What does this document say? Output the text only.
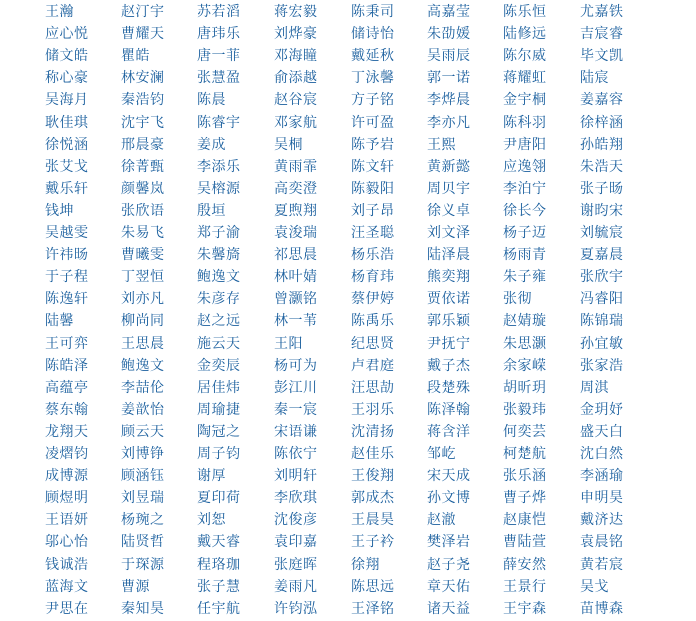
王瀚	赵汀宇 苏若滔 蒋宏毅 陈秉司 高嘉莹 陈乐恒 尤嘉铁
应心悦 曹耀天 唐玮乐 刘烨豪 储诗怡 朱劭媛 陆修远 吉宸睿
储文皓 瞿皓	唐一菲 邓海瞳 戴延秋 吴雨辰 陈尔威 毕文凯
称心豪 林安澜 张慧盈 俞添越 丁泳馨 郭一诺 蒋耀虹 陆宸
吴海月 秦浩钧 陈晨	赵谷宸 方子铭 李烨晨 金宇桐 姜嘉容
耿佳琪 沈宇飞 陈睿宇 邓家航 许可盈 李亦凡 陈科羽 徐梓涵
徐悦涵 邢晨豪 姜成	吴桐	陈予岩 王熙	尹唐阳 孙皓翔
张艾戈 徐菁甄 李添乐 黄雨霏 陈文轩 黄新懿 应逸翎 朱浩天
戴乐轩 颜馨岚 吴榕源 高奕澄 陈毅阳 周贝宇 李泊宁 张子旸
钱坤	张欣语 殷垣	夏煦翔 刘子昂 徐义卓 徐长今 谢昀宋
吴越雯 朱易飞 郑子渝 袁浚瑞 汪圣聪 刘文泽 杨子迈 刘毓宸
许祎旸 曹曦雯 朱馨旖 祁思晨 杨乐浩 陆泽晨 杨雨青 夏嘉晨
于子程 丁翌恒 鲍逸文 林叶婧 杨育玮 熊奕翔 朱子雍 张欣宇
陈逸轩 刘亦凡 朱彦存 曾灏铭 蔡伊婷 贾依诺 张彻	冯睿阳
陆馨	柳尚同 赵之远 林一苇 陈禹乐 郭乐颖 赵婧璇 陈锦瑞
王可弈 王思晨 施云天 王阳	纪思贤 尹抚宁 朱思灏 孙宜敏
陈皓泽 鲍逸文 金奕辰 杨可为 卢君庭 戴子杰 余家嵘 张家浩
高蕴亭 李喆伦 居佳炜 彭江川 汪思劼 段楚殊 胡昕玥 周淇
蔡东翰 姜歆怡 周瑜捷 秦一宸 王羽乐 陈泽翰 张毅玮 金玥妤
龙翔天 顾云天 陶冠之 宋语谦 沈清扬 蒋含洋 何奕芸 盛天白
凌熠钧 刘博铮 周子钧 陈依宁 赵佳乐 邹屹	柯楚航 沈白然
成博源 顾涵钰 谢厚	刘明轩 王俊翔 宋天成 张乐涵 李涵瑜
顾煜明 刘昱瑞 夏印荷 李欣琪 郭成杰 孙文博 曹子烨 申明昊
王语妍 杨琬之 刘恕	沈俊彦 王晨昊 赵澈	赵康恺 戴济达
邬心怡 陆贤哲 戴天睿 袁印嘉 王子衿 樊泽岩 曹陆萱 袁晨铭
钱诚浩 于琛源 程珞珈 张庭晖 徐翔	赵子尧 薛安然 黄若宸
蓝海文 曹源	张子慧 姜雨凡 陈思远 章天佑 王景行 吴戈
尹思在 秦知昊 任宇航 许钧泓 王泽铭 诸天益 王宇森 苗博森
